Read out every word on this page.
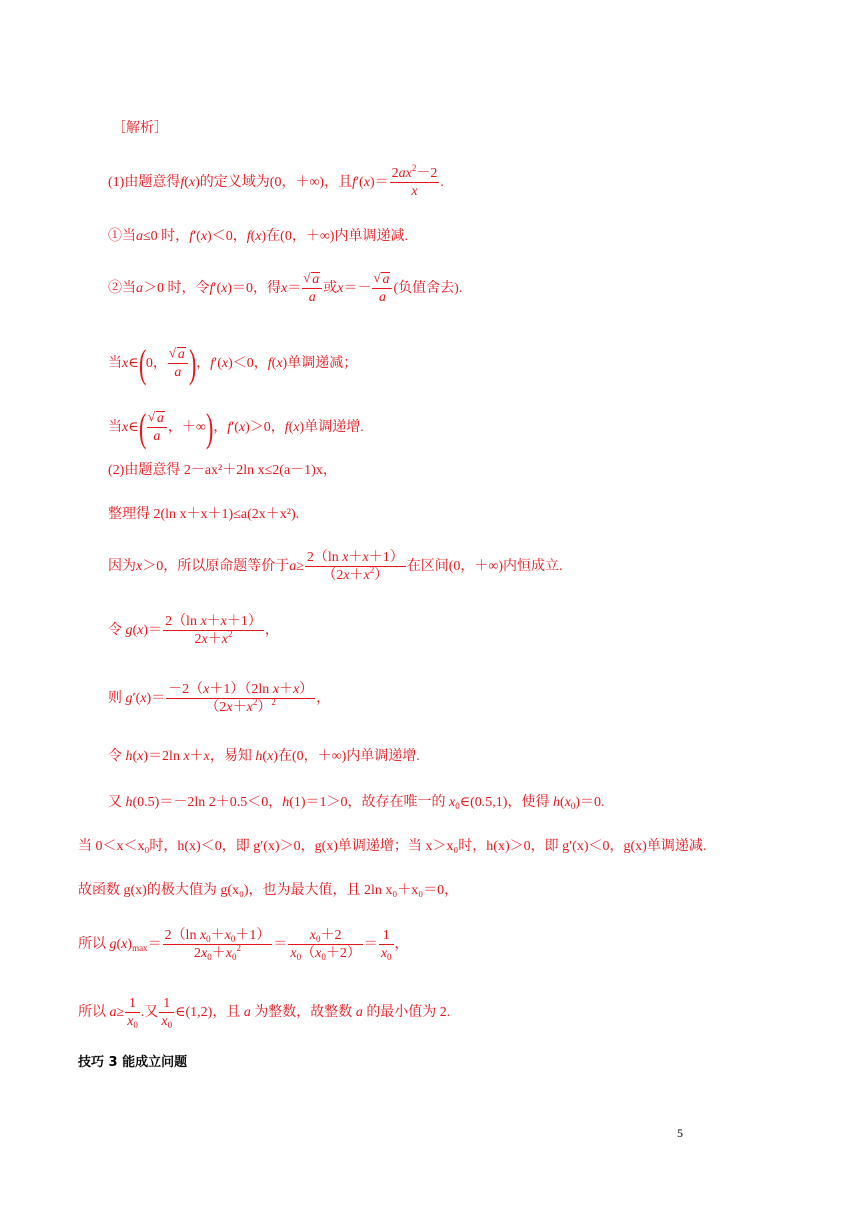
［解析］
(1)由题意得f(x)的定义域为(0，＋∞)，且$f'(x)= \frac{2ax^2-2}{x}$ .
①当a≤0 时，f′(x)＜0，f(x)在(0，＋∞)内单调递减.
②当a＞0 时，令f′(x)＝0，得x＝ √ $\frac{a}{a}$ 或x＝－ √ $\frac{a}{a}$ (负值舍去).
当x∈(0， √ $\frac{a}{a}$ )，f′(x)＜0，f(x)单调递减；
当x∈( √ $\frac{a}{a}$ ，＋∞)，f′(x)＞0，f(x)单调递增.
(2)由题意得 2－ax²＋2ln x≤2(a－1)x，
整理得 2(ln x＋x＋1)≤a(2x＋x²).
因为x＞0，所以原命题等价于$a\ge \frac{\text{2（ln x＋x＋1）}}{(2x+x^2)}$ 在区间(0，＋∞)内恒成立.
令 $g(x)= \frac{\text{2（ln x＋x＋1）}}{2x+x^2}$ ，
则 $g'(x)= \frac{\text{－2（x＋1）（2ln x＋x）}}{(2x+x^2)^2}$ ，
令 h(x)＝2ln x＋x，易知 h(x)在(0，＋∞)内单调递增.
又 h(0.5)＝－2ln 2＋0.5＜0，h(1)＝1＞0，故存在唯一的 $x_0\in(0.5,1)$，使得 $h(x_0)=0$.
当 0＜x＜x₀时，h(x)＜0，即 g′(x)＞0，g(x)单调递增；当 x＞x₀时，h(x)＞0，即 g′(x)＜0，g(x)单调递减.
故函数 g(x)的极大值为 g(x₀)，也为最大值，且 2ln x₀＋x₀＝0，
所以 $g(x)_{max}= \frac{2(\ln x_0+x_0+1)}{2x_0+x_0^2} = \frac{x_0+2}{x_0(x_0+2)} = \frac{1}{x_0}$ ，
所以 $a\ge \frac{1}{x_0}$ .又 $\frac{1}{x_0}$ ∈(1,2)，且 a 为整数，故整数 a 的最小值为 2.
技巧 3 能成立问题
5
